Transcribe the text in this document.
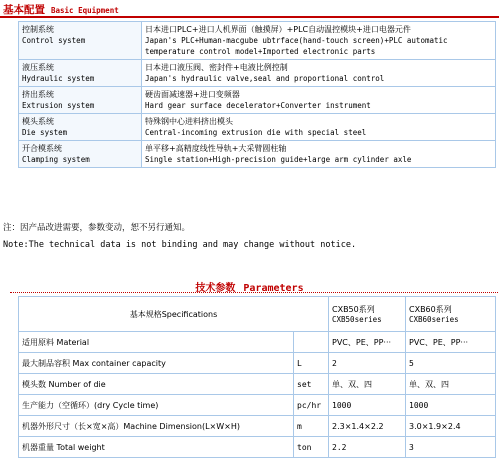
基本配置 Basic Equipment
控制系统
Control system	日本进口PLC+进口人机界面（触摸屏）+PLC自动温控模块+进口电器元件
Japan's PLC+Human-macgube ubtrface(hand-touch screen)+PLC automatic
temperature control model+Imported electronic parts

液压系统
Hydraulic system	日本进口液压阀、密封件+电液比例控制
Japan's hydraulic valve,seal and proportional control

挤出系统
Extrusion system	硬齿面减速器+进口变频器
Hard gear surface decelerator+Converter instrument

模头系统
Die system	特殊钢中心进料挤出模头
Central-incoming extrusion die with special steel

开合模系统
Clamping system	单平移+高精度线性导轨+大采臂圆柱轴
Single station+High-precision guide+large arm cylinder axle
注：因产品改进需要，参数变动，恕不另行通知。
Note:The technical data is not binding and may change without notice.
技术参数 Parameters
基本规格Specifications		CXB50系列
CXB50series	CXB60系列
CXB60series

适用原料 Material		PVC、PE、PP···	PVC、PE、PP···
最大制品容积 Max container capacity	L	2	5
模头数 Number of die	set	单、双、四	单、双、四
生产能力（空循环）(dry Cycle time)	pc/hr	1000	1000
机器外形尺寸（长×宽×高）Machine Dimension(L×W×H)	m	2.3×1.4×2.2	3.0×1.9×2.4
机器重量 Total weight	ton	2.2	3
